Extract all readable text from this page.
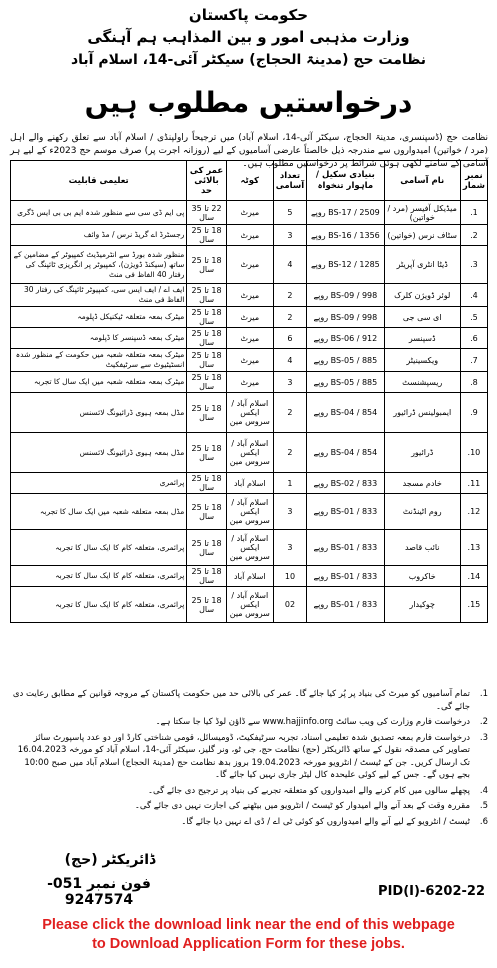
حکومت پاکستان
وزارت مذہبی امور و بین المذاہب ہم آہنگی
نظامت حج (مدینۃ الحجاج) سیکٹر آئی-14، اسلام آباد
درخواستیں مطلوب ہیں
نظامت حج (ڈسپنسری، مدینۃ الحجاج، سیکٹر آئی-14، اسلام آباد) میں ترجیحاً راولپنڈی / اسلام آباد سے تعلق رکھنے والے اہل (مرد / خواتین) امیدواروں سے مندرجہ ذیل خالصتاً عارضی آسامیوں کے لیے (روزانہ اجرت پر) صرف موسم حج 2023ء کے لیے ہر آسامی کے سامنے لکھی ہوئی شرائط پر درخواستیں مطلوب ہیں۔
نمبر شمار	نام آسامی	بنیادی سکیل / ماہوار تنخواہ	تعداد آسامی	کوٹہ	عمر کی بالائی حد	تعلیمی قابلیت
1.	میڈیکل آفیسر (مرد / خواتین)	BS-17 / 2509 روپے	5	میرٹ	22 تا 35 سال	پی ایم ڈی سی سے منظور شدہ ایم بی بی ایس ڈگری
2.	سٹاف نرس (خواتین)	BS-16 / 1356 روپے	3	میرٹ	18 تا 25 سال	رجسٹرڈ اے گریڈ نرس / مڈ وائف
3.	ڈیٹا انٹری آپریٹر	BS-12 / 1285 روپے	4	میرٹ	18 تا 25 سال	منظور شدہ بورڈ سے انٹرمیڈیٹ کمپیوٹر کے مضامین کے ساتھ (سیکنڈ ڈویژن)، کمپیوٹر پر انگریزی ٹائپنگ کی رفتار 40 الفاظ فی منٹ
4.	لوئر ڈویژن کلرک	BS-09 / 998 روپے	2	میرٹ	18 تا 25 سال	ایف اے / ایف ایس سی، کمپیوٹر ٹائپنگ کی رفتار 30 الفاظ فی منٹ
5.	ای سی جی	BS-09 / 998 روپے	2	میرٹ	18 تا 25 سال	میٹرک بمعہ متعلقہ ٹیکنیکل ڈپلومہ
6.	ڈسپنسر	BS-06 / 912 روپے	6	میرٹ	18 تا 25 سال	میٹرک بمعہ ڈسپنسر کا ڈپلومہ
7.	ویکسینیٹر	BS-05 / 885 روپے	4	میرٹ	18 تا 25 سال	میٹرک بمعہ متعلقہ شعبہ میں حکومت کے منظور شدہ انسٹیٹیوٹ سے سرٹیفکیٹ
8.	ریسپشنسٹ	BS-05 / 885 روپے	3	میرٹ	18 تا 25 سال	میٹرک بمعہ متعلقہ شعبہ میں ایک سال کا تجربہ
9.	ایمبولینس ڈرائیور	BS-04 / 854 روپے	2	اسلام آباد / ایکس سروس مین	18 تا 25 سال	مڈل بمعہ ہیوی ڈرائیونگ لائسنس
10.	ڈرائیور	BS-04 / 854 روپے	2	اسلام آباد / ایکس سروس مین	18 تا 25 سال	مڈل بمعہ ہیوی ڈرائیونگ لائسنس
11.	خادم مسجد	BS-02 / 833 روپے	1	اسلام آباد	18 تا 25 سال	پرائمری
12.	روم اٹینڈنٹ	BS-01 / 833 روپے	3	اسلام آباد / ایکس سروس مین	18 تا 25 سال	مڈل بمعہ متعلقہ شعبہ میں ایک سال کا تجربہ
13.	نائب قاصد	BS-01 / 833 روپے	3	اسلام آباد / ایکس سروس مین	18 تا 25 سال	پرائمری، متعلقہ کام کا ایک سال کا تجربہ
14.	خاکروب	BS-01 / 833 روپے	10	اسلام آباد	18 تا 25 سال	پرائمری، متعلقہ کام کا ایک سال کا تجربہ
15.	چوکیدار	BS-01 / 833 روپے	02	اسلام آباد / ایکس سروس مین	18 تا 25 سال	پرائمری، متعلقہ کام کا ایک سال کا تجربہ
1.
تمام آسامیوں کو میرٹ کی بنیاد پر پُر کیا جائے گا۔ عمر کی بالائی حد میں حکومت پاکستان کے مروجہ قوانین کے مطابق رعایت دی جائے گی۔
2.
درخواست فارم وزارت کی ویب سائٹ www.hajjinfo.org سے ڈاؤن لوڈ کیا جا سکتا ہے۔
3.
درخواست فارم بمعہ تصدیق شدہ تعلیمی اسناد، تجربہ سرٹیفکیٹ، ڈومیسائل، قومی شناختی کارڈ اور دو عدد پاسپورٹ سائز تصاویر کی مصدقہ نقول کے ساتھ ڈائریکٹر (حج) نظامت حج، جی ٹو، ونر گلیز، سیکٹر آئی-14، اسلام آباد کو مورخہ 16.04.2023 تک ارسال کریں۔ جن کے ٹیسٹ / انٹرویو مورخہ 19.04.2023 بروز بدھ نظامت حج (مدینۃ الحجاج) اسلام آباد میں صبح 10:00 بجے ہوں گے۔ جس کے لیے کوئی علیحدہ کال لیٹر جاری نہیں کیا جائے گا۔
4.
پچھلے سالوں میں کام کرنے والے امیدواروں کو متعلقہ تجربے کی بنیاد پر ترجیح دی جائے گی۔
5.
مقررہ وقت کے بعد آنے والے امیدوار کو ٹیسٹ / انٹرویو میں بیٹھنے کی اجازت نہیں دی جائے گی۔
6.
ٹیسٹ / انٹرویو کے لیے آنے والے امیدواروں کو کوئی ٹی اے / ڈی اے نہیں دیا جائے گا۔
ڈائریکٹر (حج)
فون نمبر 051-9247574
PID(I)-6202-22
Please click the download link near the end of this webpage
to Download Application Form for these jobs.
